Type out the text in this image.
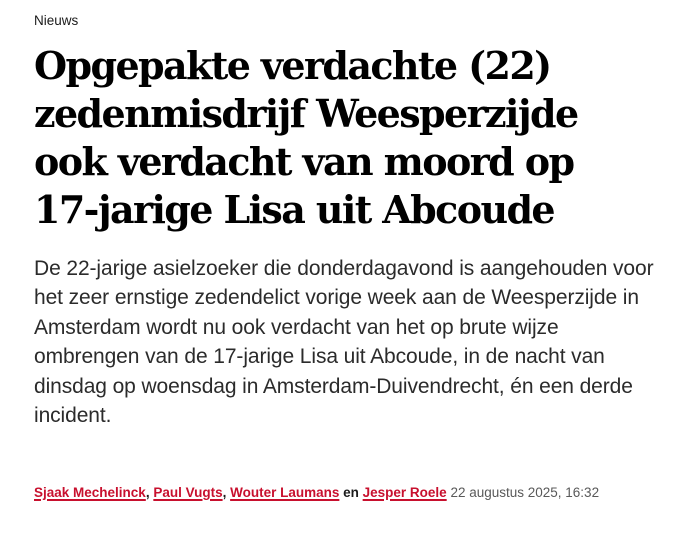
Nieuws
Opgepakte verdachte (22) zedenmisdrijf Weesperzijde ook verdacht van moord op 17-jarige Lisa uit Abcoude

De 22-jarige asielzoeker die donderdagavond is aangehouden voor het zeer ernstige zedendelict vorige week aan de Weesperzijde in Amsterdam wordt nu ook verdacht van het op brute wijze ombrengen van de 17-jarige Lisa uit Abcoude, in de nacht van dinsdag op woensdag in Amsterdam-Duivendrecht, én een derde incident.

Sjaak Mechelinck, Paul Vugts, Wouter Laumans en Jesper Roele 22 augustus 2025, 16:32
